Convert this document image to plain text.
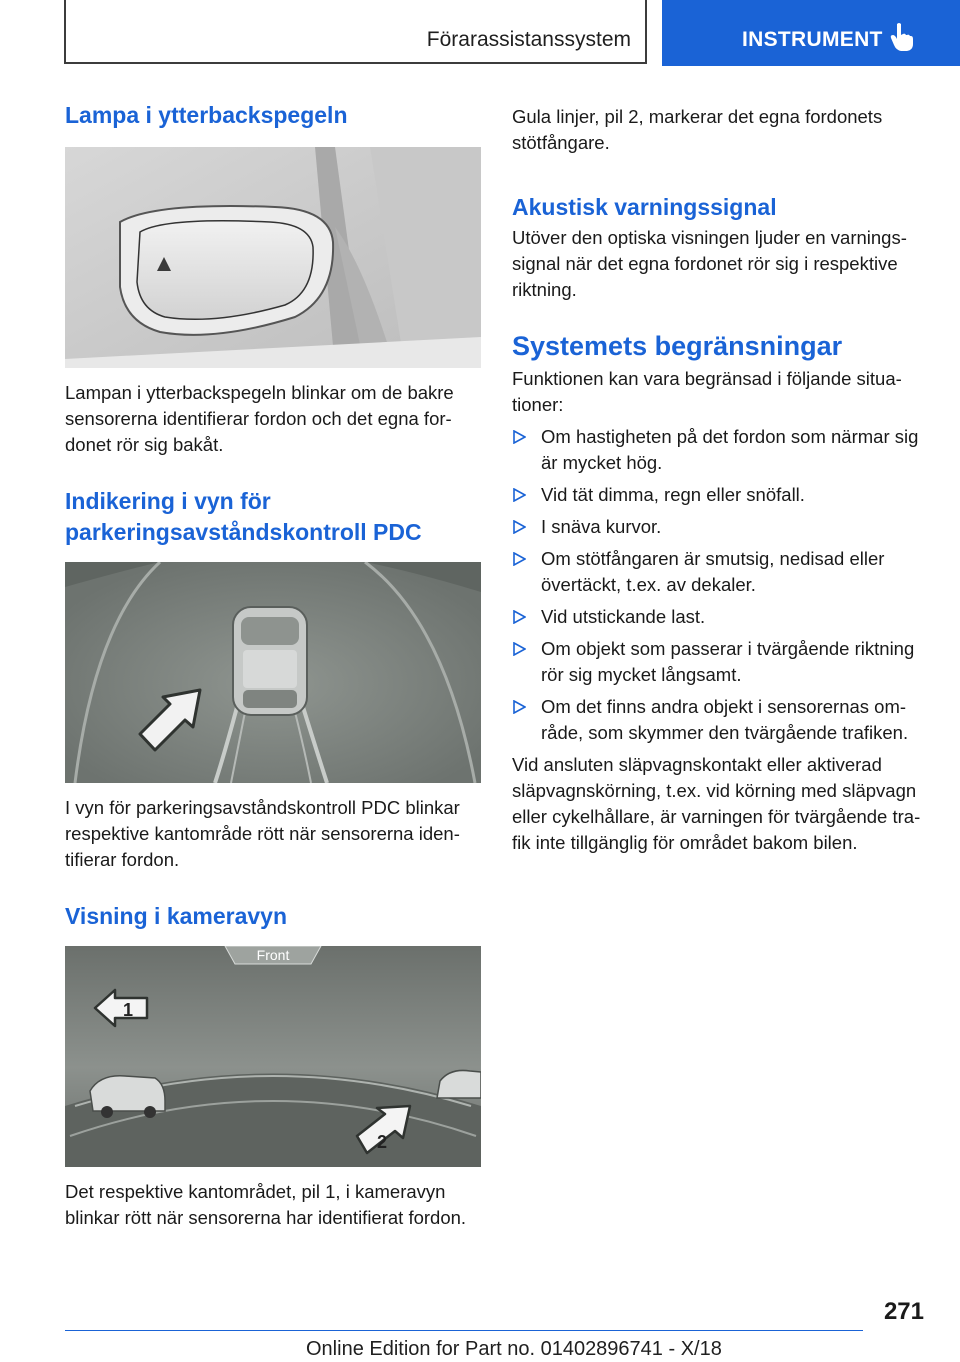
Förarassistanssystem	INSTRUMENT
Lampa i ytterbackspegeln

Lampan i ytterbackspegeln blinkar om de bakre sensorerna identifierar fordon och det egna fordonet rör sig bakåt.

Indikering i vyn för
parkeringsavståndskontroll PDC

I vyn för parkeringsavståndskontroll PDC blinkar respektive kantområde rött när sensorerna identifierar fordon.

Visning i kameravyn
Front
1
2

Det respektive kantområdet, pil 1, i kameravyn blinkar rött när sensorerna har identifierat fordon.

Gula linjer, pil 2, markerar det egna fordonets stötfångare.

Akustisk varningssignal

Utöver den optiska visningen ljuder en varningssignal när det egna fordonet rör sig i respektive riktning.

Systemets begränsningar

Funktionen kan vara begränsad i följande situationer:

Om hastigheten på det fordon som närmar sig är mycket hög.
Vid tät dimma, regn eller snöfall.
I snäva kurvor.
Om stötfångaren är smutsig, nedisad eller övertäckt, t.ex. av dekaler.
Vid utstickande last.
Om objekt som passerar i tvärgående riktning rör sig mycket långsamt.
Om det finns andra objekt i sensorernas område, som skymmer den tvärgående trafiken.

Vid ansluten släpvagnskontakt eller aktiverad släpvagnskörning, t.ex. vid körning med släpvagn eller cykelhållare, är varningen för tvärgående trafik inte tillgänglig för området bakom bilen.

271
Online Edition for Part no. 01402896741 - X/18
